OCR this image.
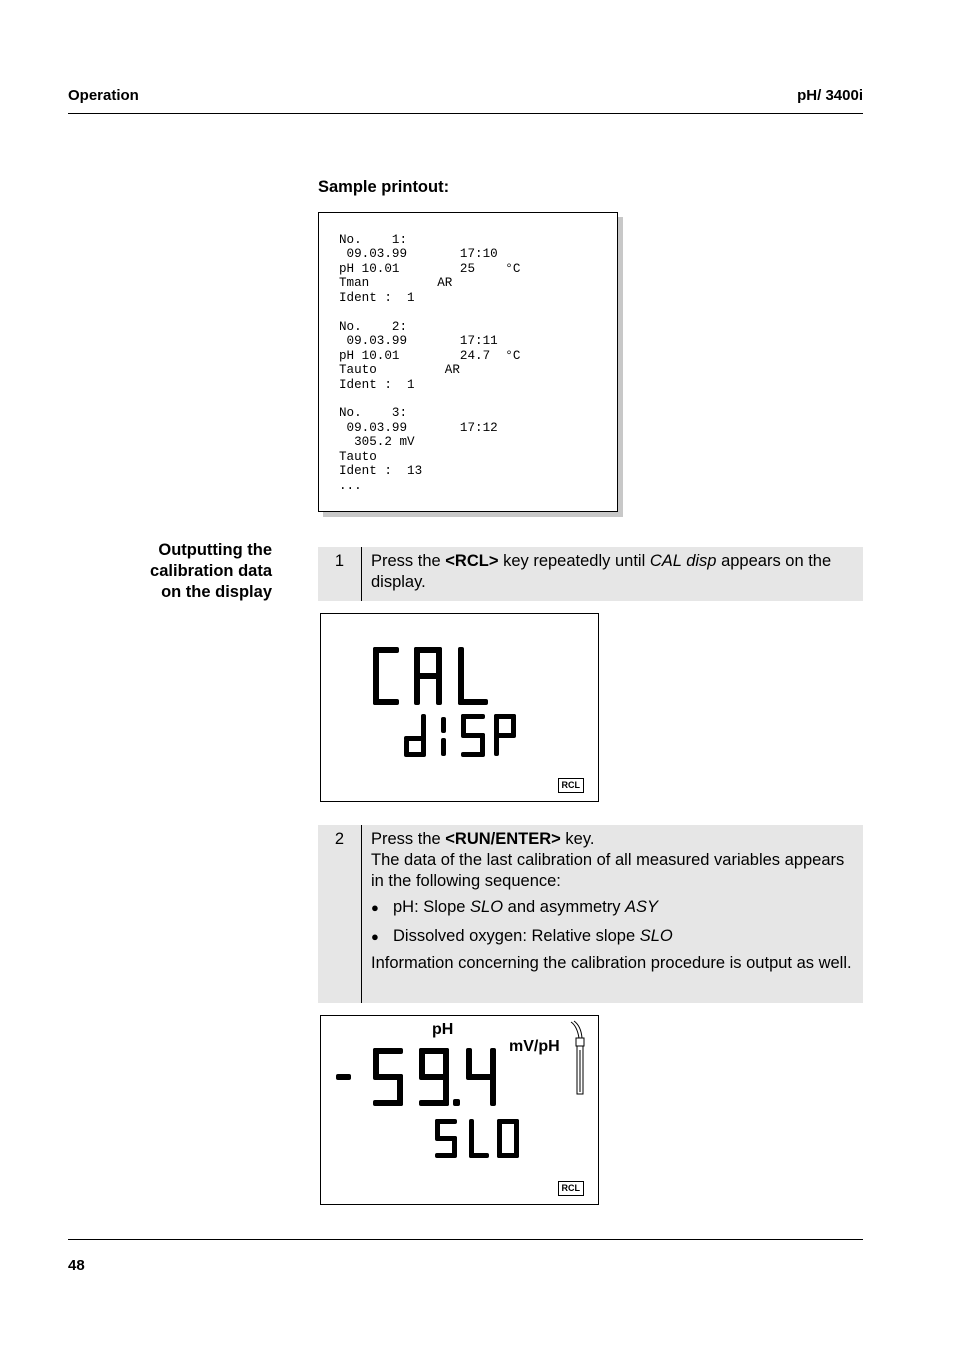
Operation	pH/ 3400i
Sample printout:
No.    1:
09.03.99       17:10
pH 10.01        25    °C
Tman         AR
Ident :  1

No.    2:
09.03.99       17:11
pH 10.01        24.7  °C
Tauto         AR
Ident :  1

No.    3:
09.03.99       17:12
305.2 mV
Tauto
Ident :  13
...
Outputting the
calibration data
on the display
1	Press the <RCL> key repeatedly until CAL disp appears on the display.
RCL
2	Press the <RUN/ENTER> key.

The data of the last calibration of all measured variables appears in the following sequence:

● pH: Slope SLO and asymmetry ASY
● Dissolved oxygen: Relative slope SLO

Information concerning the calibration procedure is output as well.

pH
mV/pH
RCL
48
